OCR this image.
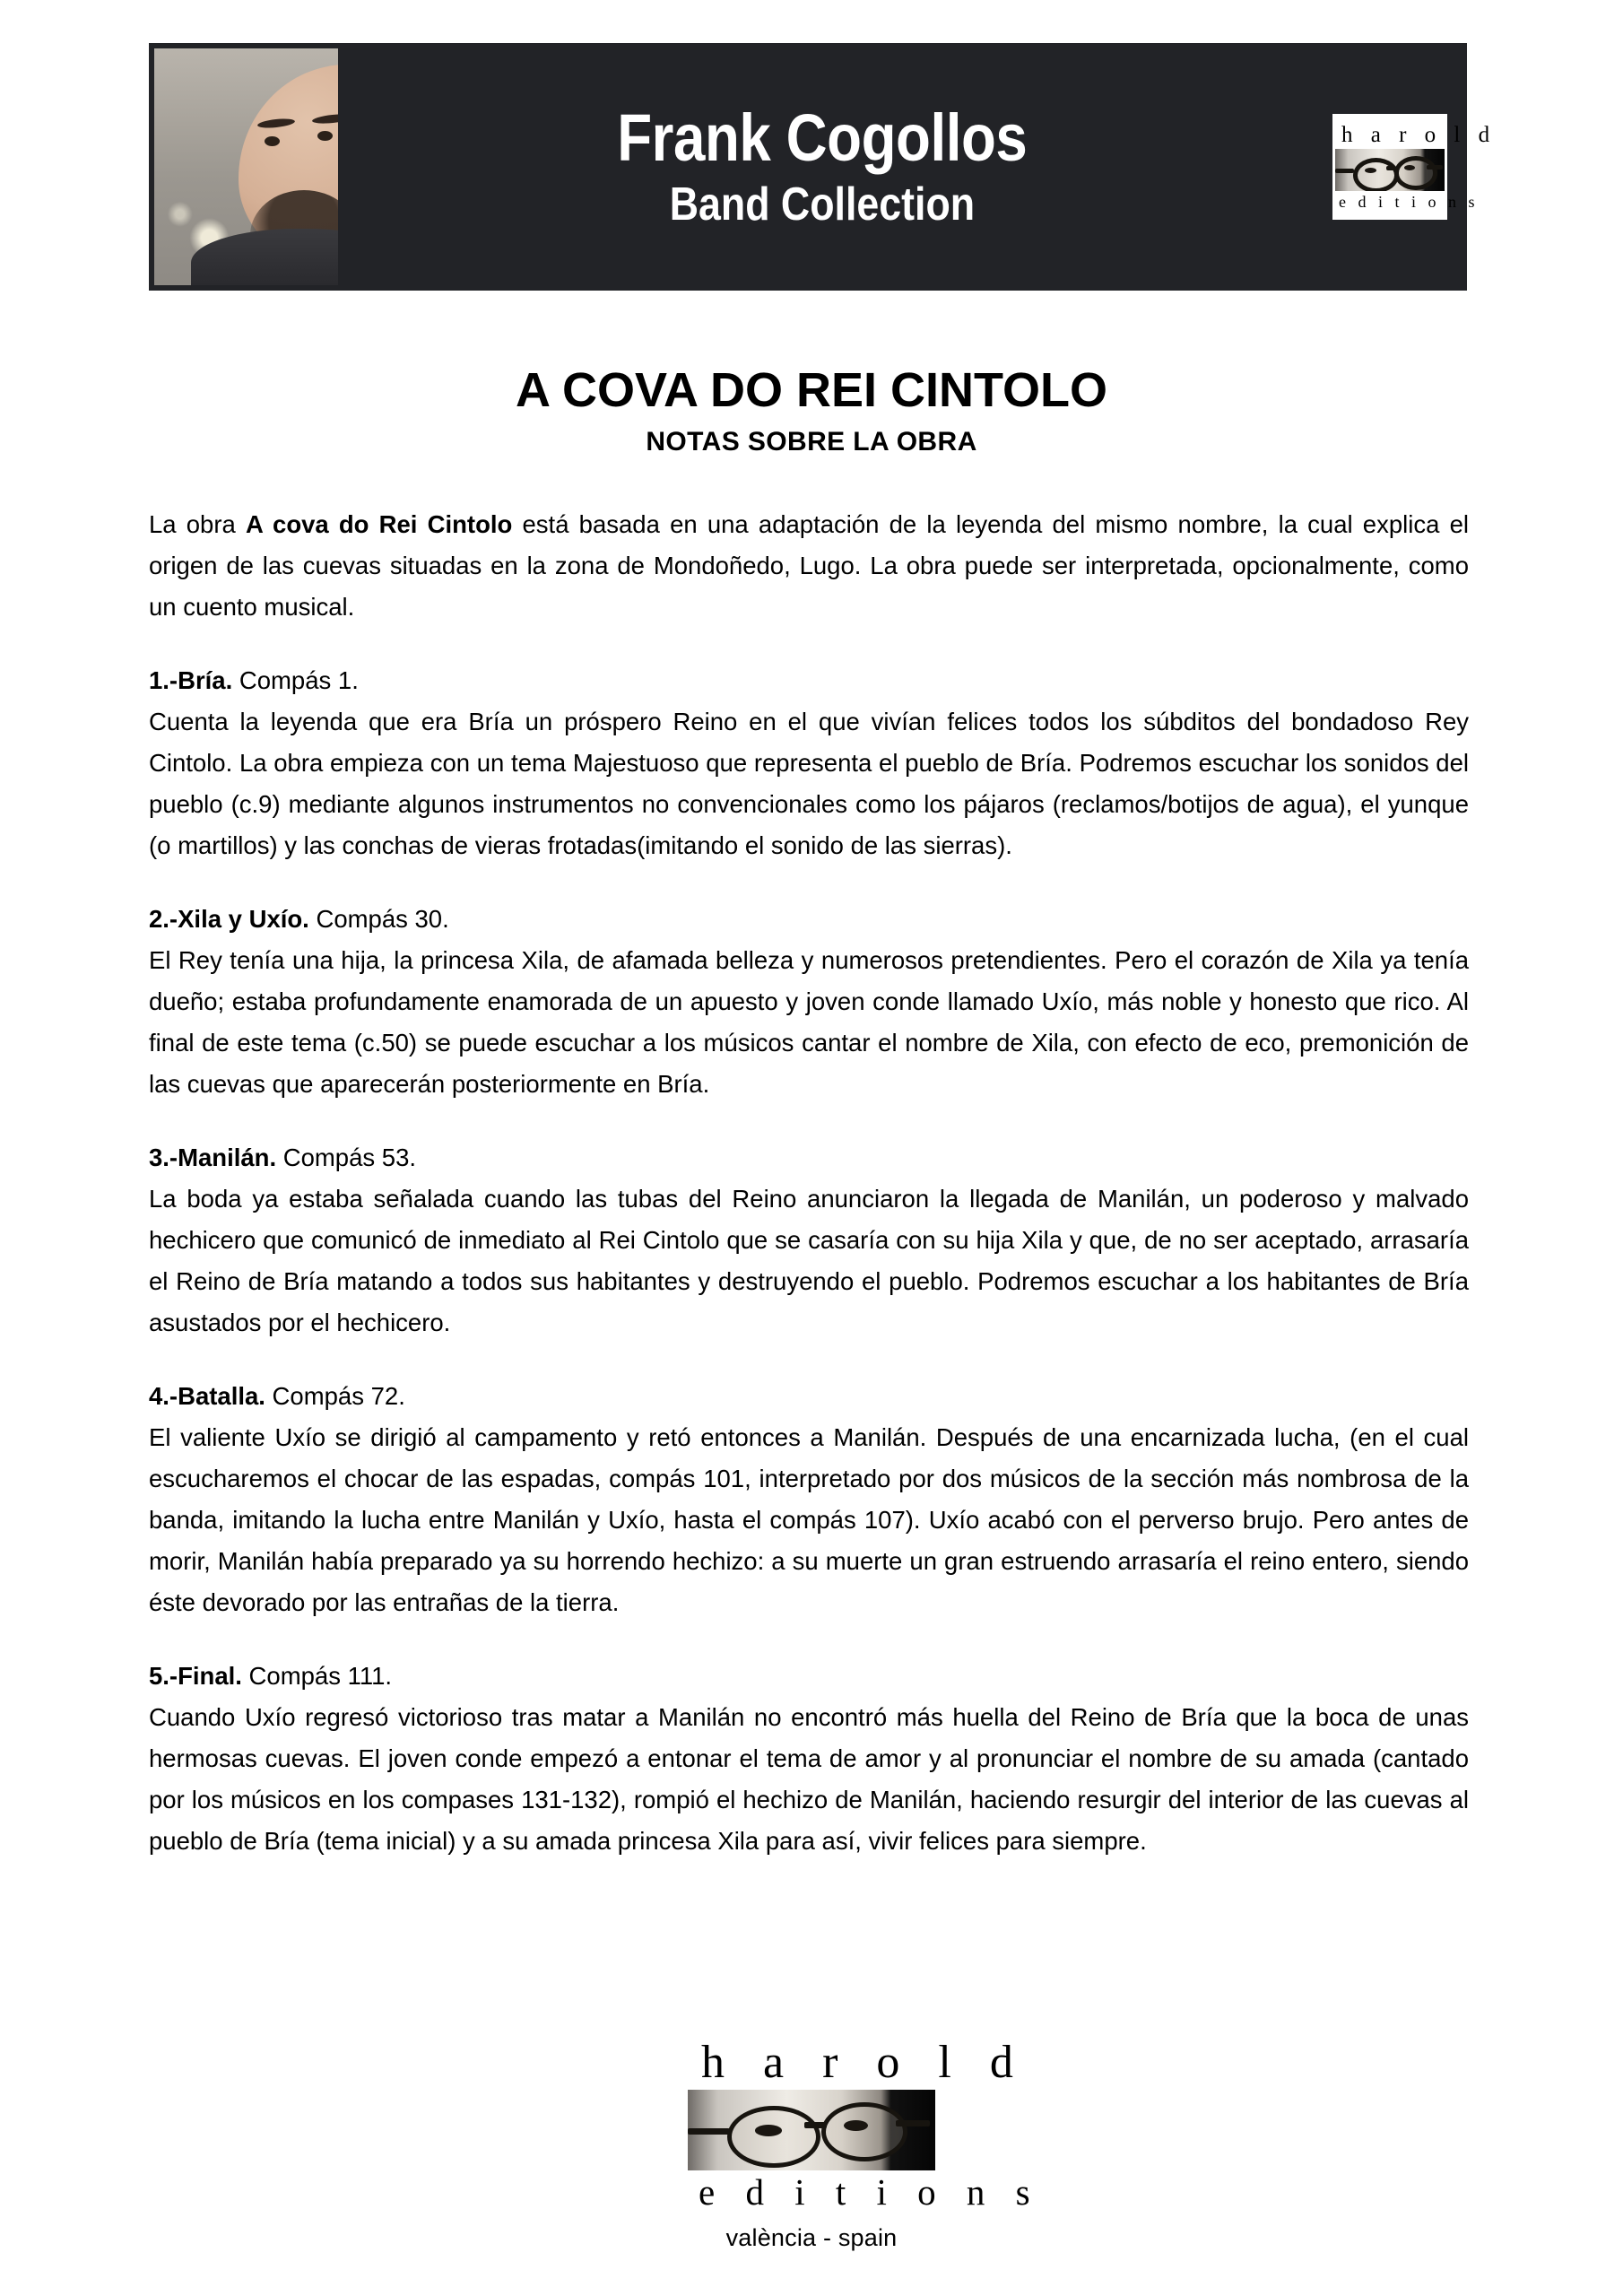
Frank Cogollos
Band Collection
h a r o l d
e d i t i o n s
A COVA DO REI CINTOLO
NOTAS SOBRE LA OBRA

La obra A cova do Rei Cintolo está basada en una adaptación de la leyenda del mismo nombre, la cual explica el origen de las cuevas situadas en la zona de Mondoñedo, Lugo. La obra puede ser interpretada, opcionalmente, como un cuento musical.

1.-Bría. Compás 1.

Cuenta la leyenda que era Bría un próspero Reino en el que vivían felices todos los súbditos del bondadoso Rey Cintolo. La obra empieza con un tema Majestuoso que representa el pueblo de Bría. Podremos escuchar los sonidos del pueblo (c.9) mediante algunos instrumentos no convencionales como los pájaros (reclamos/botijos de agua), el yunque (o martillos) y las conchas de vieras frotadas(imitando el sonido de las sierras).

2.-Xila y Uxío. Compás 30.

El Rey tenía una hija, la princesa Xila, de afamada belleza y numerosos pretendientes. Pero el corazón de Xila ya tenía dueño; estaba profundamente enamorada de un apuesto y joven conde llamado Uxío, más noble y honesto que rico. Al final de este tema (c.50) se puede escuchar a los músicos cantar el nombre de Xila, con efecto de eco, premonición de las cuevas que aparecerán posteriormente en Bría.

3.-Manilán. Compás 53.

La boda ya estaba señalada cuando las tubas del Reino anunciaron la llegada de Manilán, un poderoso y malvado hechicero que comunicó de inmediato al Rei Cintolo que se casaría con su hija Xila y que, de no ser aceptado, arrasaría el Reino de Bría matando a todos sus habitantes y destruyendo el pueblo. Podremos escuchar a los habitantes de Bría asustados por el hechicero.

4.-Batalla. Compás 72.

El valiente Uxío se dirigió al campamento y retó entonces a Manilán. Después de una encarnizada lucha, (en el cual escucharemos el chocar de las espadas, compás 101, interpretado por dos músicos de la sección más nombrosa de la banda, imitando la lucha entre Manilán y Uxío, hasta el compás 107). Uxío acabó con el perverso brujo. Pero antes de morir, Manilán había preparado ya su horrendo hechizo: a su muerte un gran estruendo arrasaría el reino entero, siendo éste devorado por las entrañas de la tierra.

5.-Final. Compás 111.

Cuando Uxío regresó victorioso tras matar a Manilán no encontró más huella del Reino de Bría que la boca de unas hermosas cuevas. El joven conde empezó a entonar el tema de amor y al pronunciar el nombre de su amada (cantado por los músicos en los compases 131-132), rompió el hechizo de Manilán, haciendo resurgir del interior de las cuevas al pueblo de Bría (tema inicial) y a su amada princesa Xila para así, vivir felices para siempre.

h a r o l d
e d i t i o n s
valència - spain
